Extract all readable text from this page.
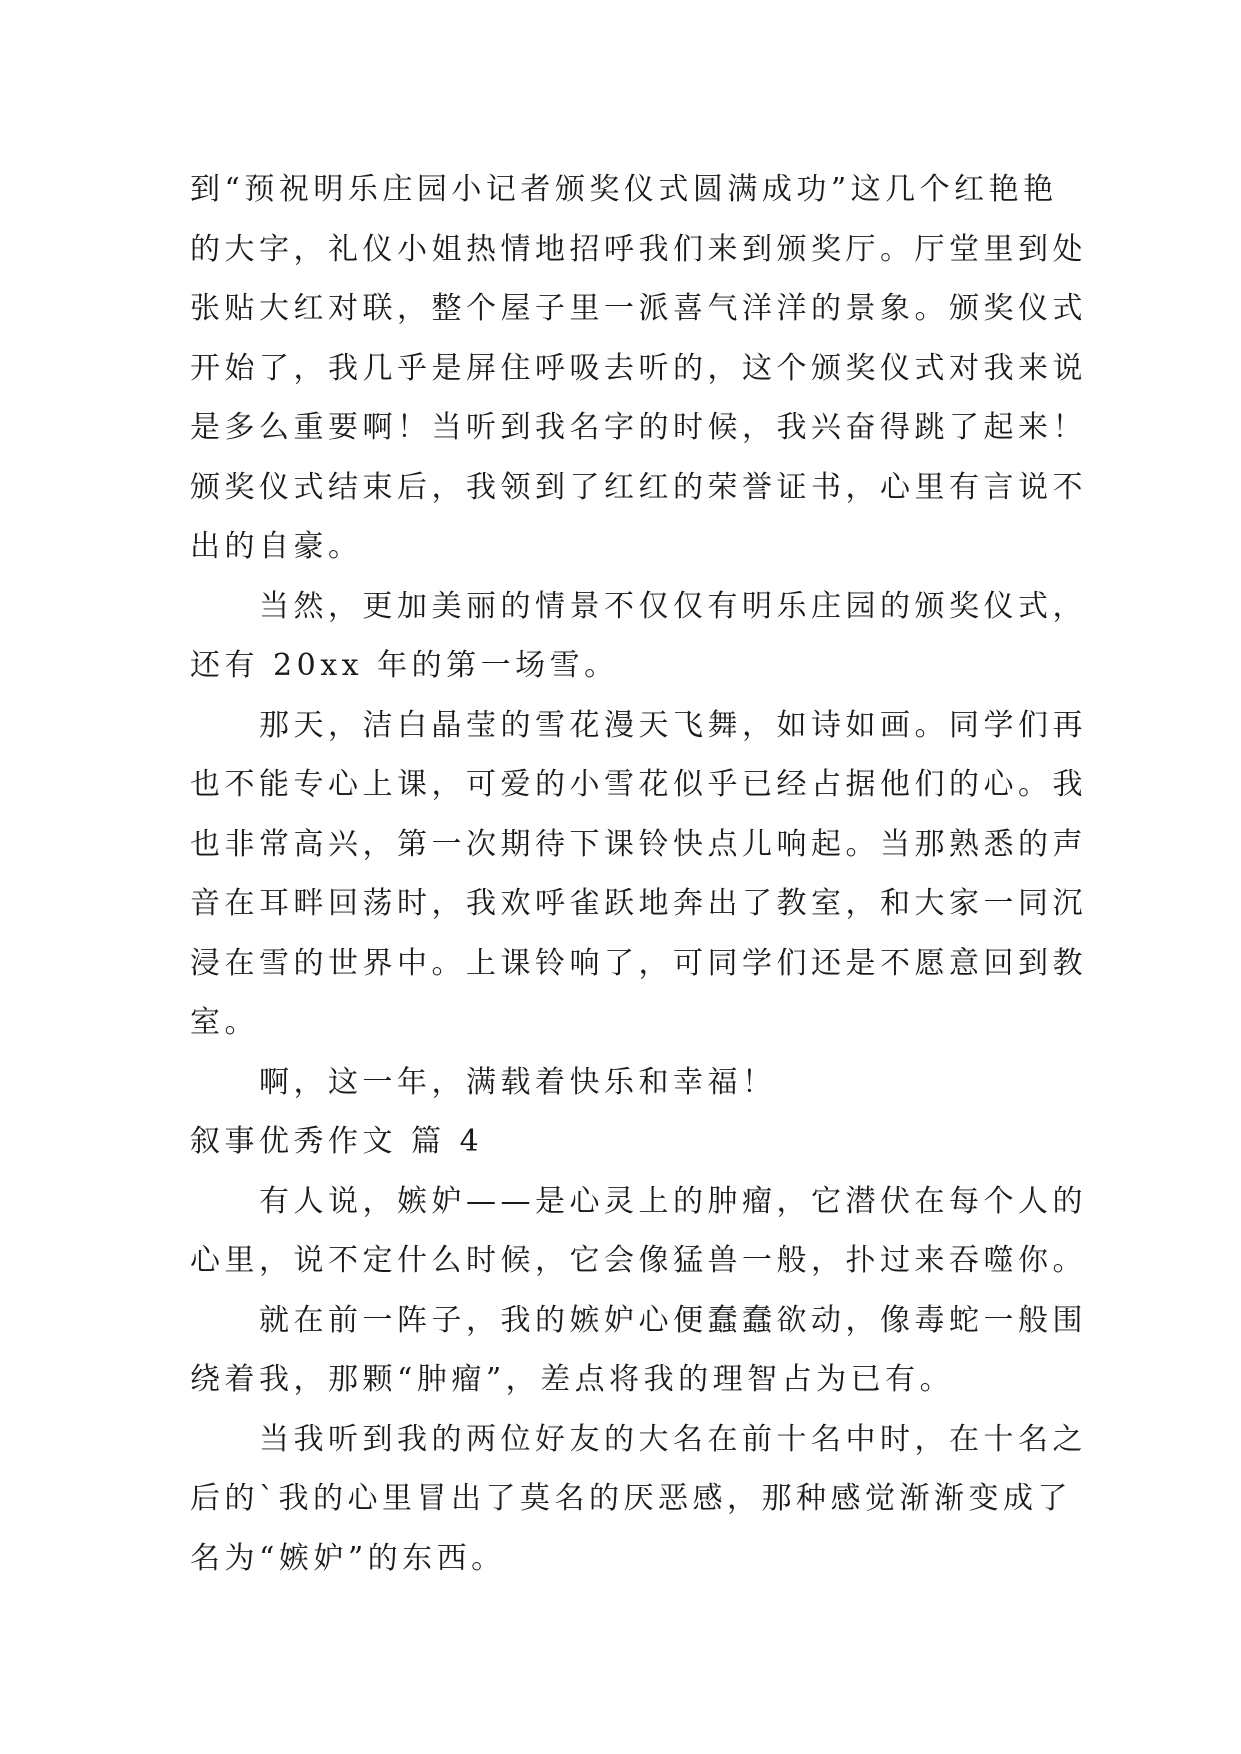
到“预祝明乐庄园小记者颁奖仪式圆满成功”这几个红艳艳的大字，礼仪小姐热情地招呼我们来到颁奖厅。厅堂里到处张贴大红对联，整个屋子里一派喜气洋洋的景象。颁奖仪式开始了，我几乎是屏住呼吸去听的，这个颁奖仪式对我来说是多么重要啊！当听到我名字的时候，我兴奋得跳了起来！颁奖仪式结束后，我领到了红红的荣誉证书，心里有言说不出的自豪。

当然，更加美丽的情景不仅仅有明乐庄园的颁奖仪式，还有 20xx 年的第一场雪。

那天，洁白晶莹的雪花漫天飞舞，如诗如画。同学们再也不能专心上课，可爱的小雪花似乎已经占据他们的心。我也非常高兴，第一次期待下课铃快点儿响起。当那熟悉的声音在耳畔回荡时，我欢呼雀跃地奔出了教室，和大家一同沉浸在雪的世界中。上课铃响了，可同学们还是不愿意回到教室。

啊，这一年，满载着快乐和幸福！

叙事优秀作文 篇 4

有人说，嫉妒——是心灵上的肿瘤，它潜伏在每个人的心里，说不定什么时候，它会像猛兽一般，扑过来吞噬你。

就在前一阵子，我的嫉妒心便蠢蠢欲动，像毒蛇一般围绕着我，那颗“肿瘤”，差点将我的理智占为已有。

当我听到我的两位好友的大名在前十名中时，在十名之后的`我的心里冒出了莫名的厌恶感，那种感觉渐渐变成了名为“嫉妒”的东西。
